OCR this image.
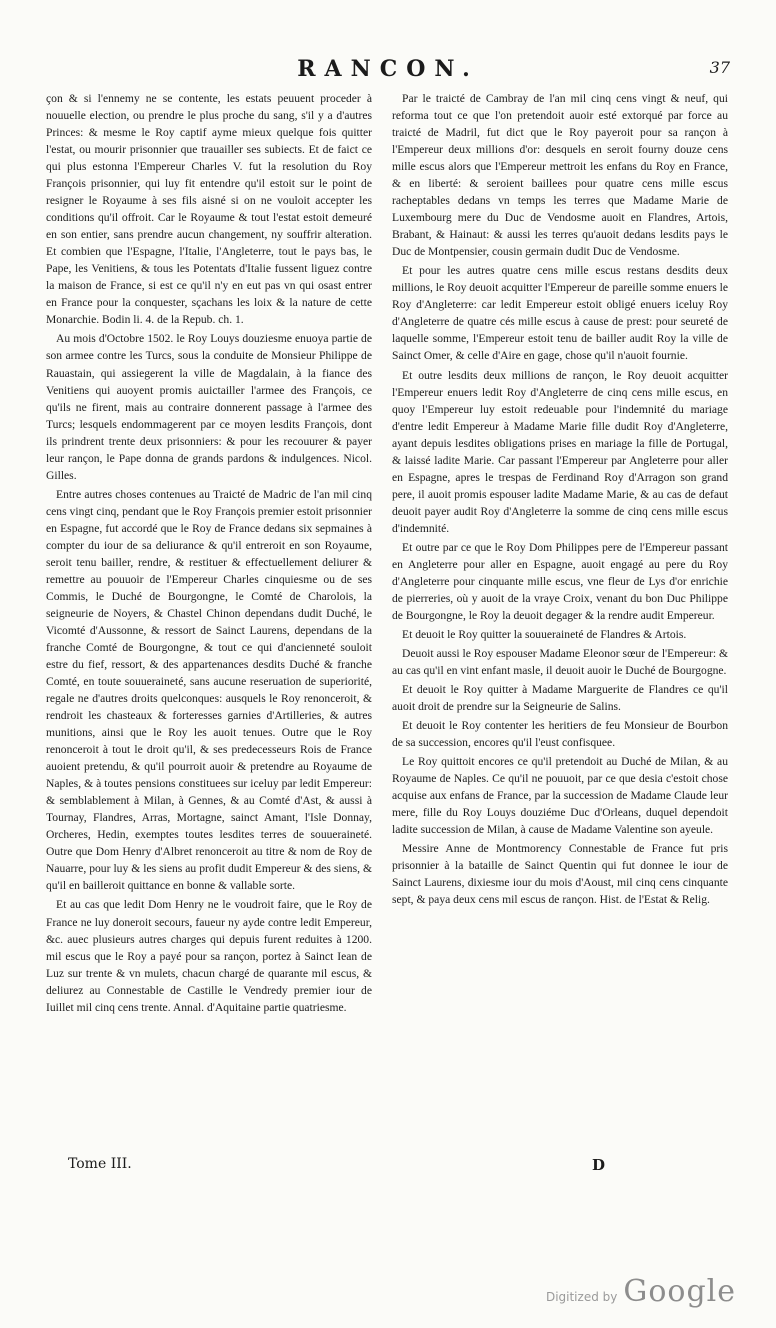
RANCON.	37

çon & si l'ennemy ne se contente, les estats peuuent proceder à nouuelle election, ou prendre le plus proche du sang, s'il y a d'autres Princes: & mesme le Roy captif ayme mieux quelque fois quitter l'estat, ou mourir prisonnier que trauailler ses subiects. Et de faict ce qui plus estonna l'Empereur Charles V. fut la resolution du Roy François prisonnier, qui luy fit entendre qu'il estoit sur le point de resigner le Royaume à ses fils aisné si on ne vouloit accepter les conditions qu'il offroit. Car le Royaume & tout l'estat estoit demeuré en son entier, sans prendre aucun changement, ny souffrir alteration. Et combien que l'Espagne, l'Italie, l'Angleterre, tout le pays bas, le Pape, les Venitiens, & tous les Potentats d'Italie fussent liguez contre la maison de France, si est ce qu'il n'y en eut pas vn qui osast entrer en France pour la conquester, sçachans les loix & la nature de cette Monarchie. Bodin li. 4. de la Repub. ch. 1.

Au mois d'Octobre 1502. le Roy Louys douziesme enuoya partie de son armee contre les Turcs, sous la conduite de Monsieur Philippe de Rauastain, qui assiegerent la ville de Magdalain, à la fiance des Venitiens qui auoyent promis auictailler l'armee des François, ce qu'ils ne firent, mais au contraire donnerent passage à l'armee des Turcs; lesquels endommagerent par ce moyen lesdits François, dont ils prindrent trente deux prisonniers: & pour les recouurer & payer leur rançon, le Pape donna de grands pardons & indulgences. Nicol. Gilles.

Entre autres choses contenues au Traicté de Madric de l'an mil cinq cens vingt cinq, pendant que le Roy François premier estoit prisonnier en Espagne, fut accordé que le Roy de France dedans six sepmaines à compter du iour de sa deliurance & qu'il entreroit en son Royaume, seroit tenu bailler, rendre, & restituer & effectuellement deliurer & remettre au pouuoir de l'Empereur Charles cinquiesme ou de ses Commis, le Duché de Bourgongne, le Comté de Charolois, la seigneurie de Noyers, & Chastel Chinon dependans dudit Duché, le Vicomté d'Aussonne, & ressort de Sainct Laurens, dependans de la franche Comté de Bourgongne, & tout ce qui d'ancienneté souloit estre du fief, ressort, & des appartenances desdits Duché & franche Comté, en toute souueraineté, sans aucune reseruation de superiorité, regale ne d'autres droits quelconques: ausquels le Roy renonceroit, & rendroit les chasteaux & forteresses garnies d'Artilleries, & autres munitions, ainsi que le Roy les auoit tenues. Outre que le Roy renonceroit à tout le droit qu'il, & ses predecesseurs Rois de France auoient pretendu, & qu'il pourroit auoir & pretendre au Royaume de Naples, & à toutes pensions constituees sur iceluy par ledit Empereur: & semblablement à Milan, à Gennes, & au Comté d'Ast, & aussi à Tournay, Flandres, Arras, Mortagne, sainct Amant, l'Isle Donnay, Orcheres, Hedin, exemptes toutes lesdites terres de souueraineté. Outre que Dom Henry d'Albret renonceroit au titre & nom de Roy de Nauarre, pour luy & les siens au profit dudit Empereur & des siens, & qu'il en bailleroit quittance en bonne & vallable sorte.

Et au cas que ledit Dom Henry ne le voudroit faire, que le Roy de France ne luy doneroit secours, faueur ny ayde contre ledit Empereur, &c. auec plusieurs autres charges qui depuis furent reduites à 1200. mil escus que le Roy a payé pour sa rançon, portez à Sainct Iean de Luz sur trente & vn mulets, chacun chargé de quarante mil escus, & deliurez au Connestable de Castille le Vendredy premier iour de Iuillet mil cinq cens trente. Annal. d'Aquitaine partie quatriesme.

Par le traicté de Cambray de l'an mil cinq cens vingt & neuf, qui reforma tout ce que l'on pretendoit auoir esté extorqué par force au traicté de Madril, fut dict que le Roy payeroit pour sa rançon à l'Empereur deux millions d'or: desquels en seroit fourny douze cens mille escus alors que l'Empereur mettroit les enfans du Roy en France, & en liberté: & seroient baillees pour quatre cens mille escus racheptables dedans vn temps les terres que Madame Marie de Luxembourg mere du Duc de Vendosme auoit en Flandres, Artois, Brabant, & Hainaut: & aussi les terres qu'auoit dedans lesdits pays le Duc de Montpensier, cousin germain dudit Duc de Vendosme.

Et pour les autres quatre cens mille escus restans desdits deux millions, le Roy deuoit acquitter l'Empereur de pareille somme enuers le Roy d'Angleterre: car ledit Empereur estoit obligé enuers iceluy Roy d'Angleterre de quatre cés mille escus à cause de prest: pour seureté de laquelle somme, l'Empereur estoit tenu de bailler audit Roy la ville de Sainct Omer, & celle d'Aire en gage, chose qu'il n'auoit fournie.

Et outre lesdits deux millions de rançon, le Roy deuoit acquitter l'Empereur enuers ledit Roy d'Angleterre de cinq cens mille escus, en quoy l'Empereur luy estoit redeuable pour l'indemnité du mariage d'entre ledit Empereur à Madame Marie fille dudit Roy d'Angleterre, ayant depuis lesdites obligations prises en mariage la fille de Portugal, & laissé ladite Marie. Car passant l'Empereur par Angleterre pour aller en Espagne, apres le trespas de Ferdinand Roy d'Arragon son grand pere, il auoit promis espouser ladite Madame Marie, & au cas de defaut deuoit payer audit Roy d'Angleterre la somme de cinq cens mille escus d'indemnité.

Et outre par ce que le Roy Dom Philippes pere de l'Empereur passant en Angleterre pour aller en Espagne, auoit engagé au pere du Roy d'Angleterre pour cinquante mille escus, vne fleur de Lys d'or enrichie de pierreries, où y auoit de la vraye Croix, venant du bon Duc Philippe de Bourgongne, le Roy la deuoit degager & la rendre audit Empereur.

Et deuoit le Roy quitter la souueraineté de Flandres & Artois.

Deuoit aussi le Roy espouser Madame Eleonor sœur de l'Empereur: & au cas qu'il en vint enfant masle, il deuoit auoir le Duché de Bourgogne.

Et deuoit le Roy quitter à Madame Marguerite de Flandres ce qu'il auoit droit de prendre sur la Seigneurie de Salins.

Et deuoit le Roy contenter les heritiers de feu Monsieur de Bourbon de sa succession, encores qu'il l'eust confisquee.

Le Roy quittoit encores ce qu'il pretendoit au Duché de Milan, & au Royaume de Naples. Ce qu'il ne pouuoit, par ce que desia c'estoit chose acquise aux enfans de France, par la succession de Madame Claude leur mere, fille du Roy Louys douziéme Duc d'Orleans, duquel dependoit ladite succession de Milan, à cause de Madame Valentine son ayeule.

Messire Anne de Montmorency Connestable de France fut pris prisonnier à la bataille de Sainct Quentin qui fut donnee le iour de Sainct Laurens, dixiesme iour du mois d'Aoust, mil cinq cens cinquante sept, & paya deux cens mil escus de rançon. Hist. de l'Estat & Relig.

Tome III.	D
Digitized by Google
